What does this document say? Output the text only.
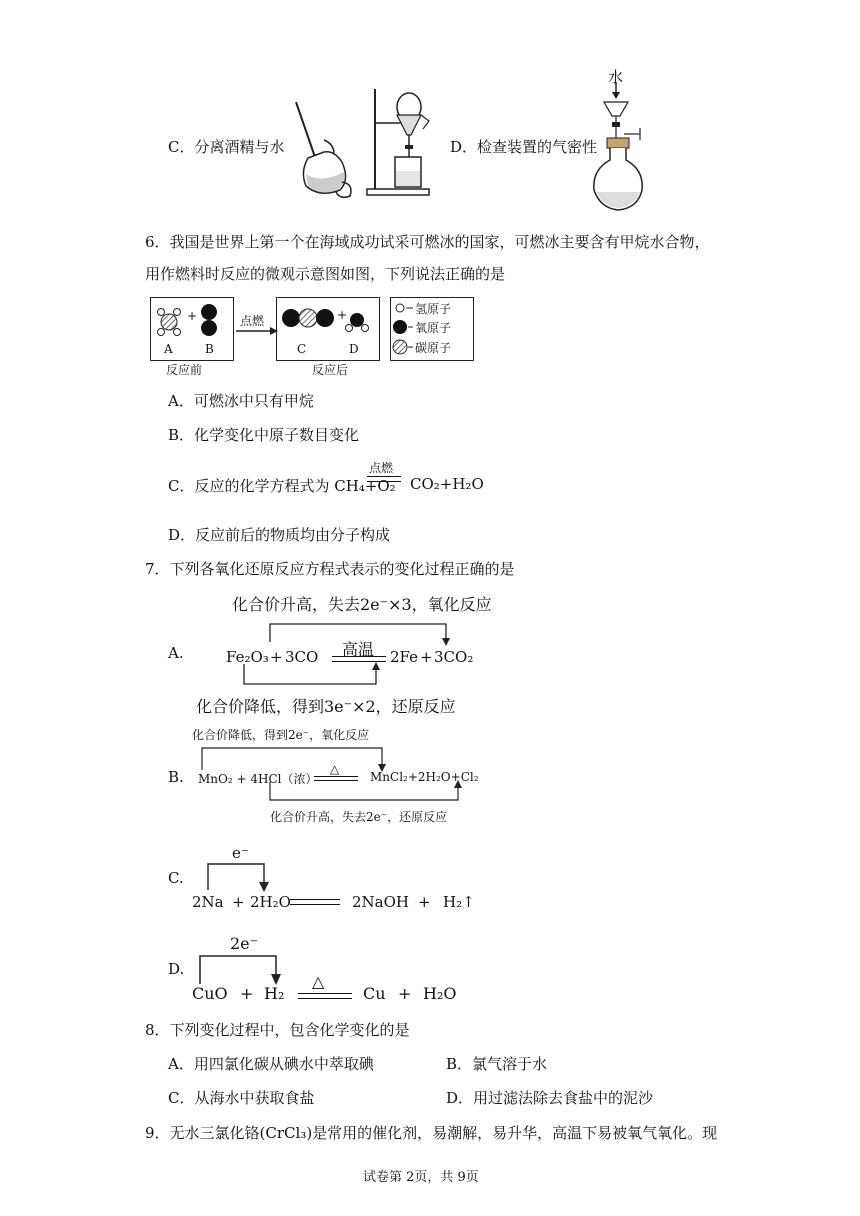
C．分离酒精与水	D．检查装置的气密性
水
6．我国是世界上第一个在海域成功试采可燃冰的国家，可燃冰主要含有甲烷水合物，
用作燃料时反应的微观示意图如图，下列说法正确的是
+
A	B
反应前
点燃	+
C	D
反应后
氢原子
氧原子
碳原子
A．可燃冰中只有甲烷
B．化学变化中原子数目变化
C．反应的化学方程式为 CH₄+O₂
点燃
CO₂+H₂O
D．反应前后的物质均由分子构成
7．下列各氧化还原反应方程式表示的变化过程正确的是
化合价升高，失去2e⁻×3，氧化反应
A.	Fe₂O₃ + 3CO 高温 2Fe + 3CO₂
化合价降低，得到3e⁻×2，还原反应
化合价降低，得到2e⁻，氧化反应
B. MnO₂ + 4HCl（浓）
△
MnCl₂+2H₂O+Cl₂
化合价升高，失去2e⁻，还原反应
e⁻
C.
2Na + 2H₂O	2NaOH + H₂↑
2e⁻
D.
CuO + H₂
△
Cu + H₂O
8．下列变化过程中，包含化学变化的是
A．用四氯化碳从碘水中萃取碘	B．氯气溶于水
C．从海水中获取食盐	D．用过滤法除去食盐中的泥沙
9．无水三氯化铬(CrCl₃)是常用的催化剂，易潮解，易升华，高温下易被氧气氧化。现
试卷第 2页，共 9页
